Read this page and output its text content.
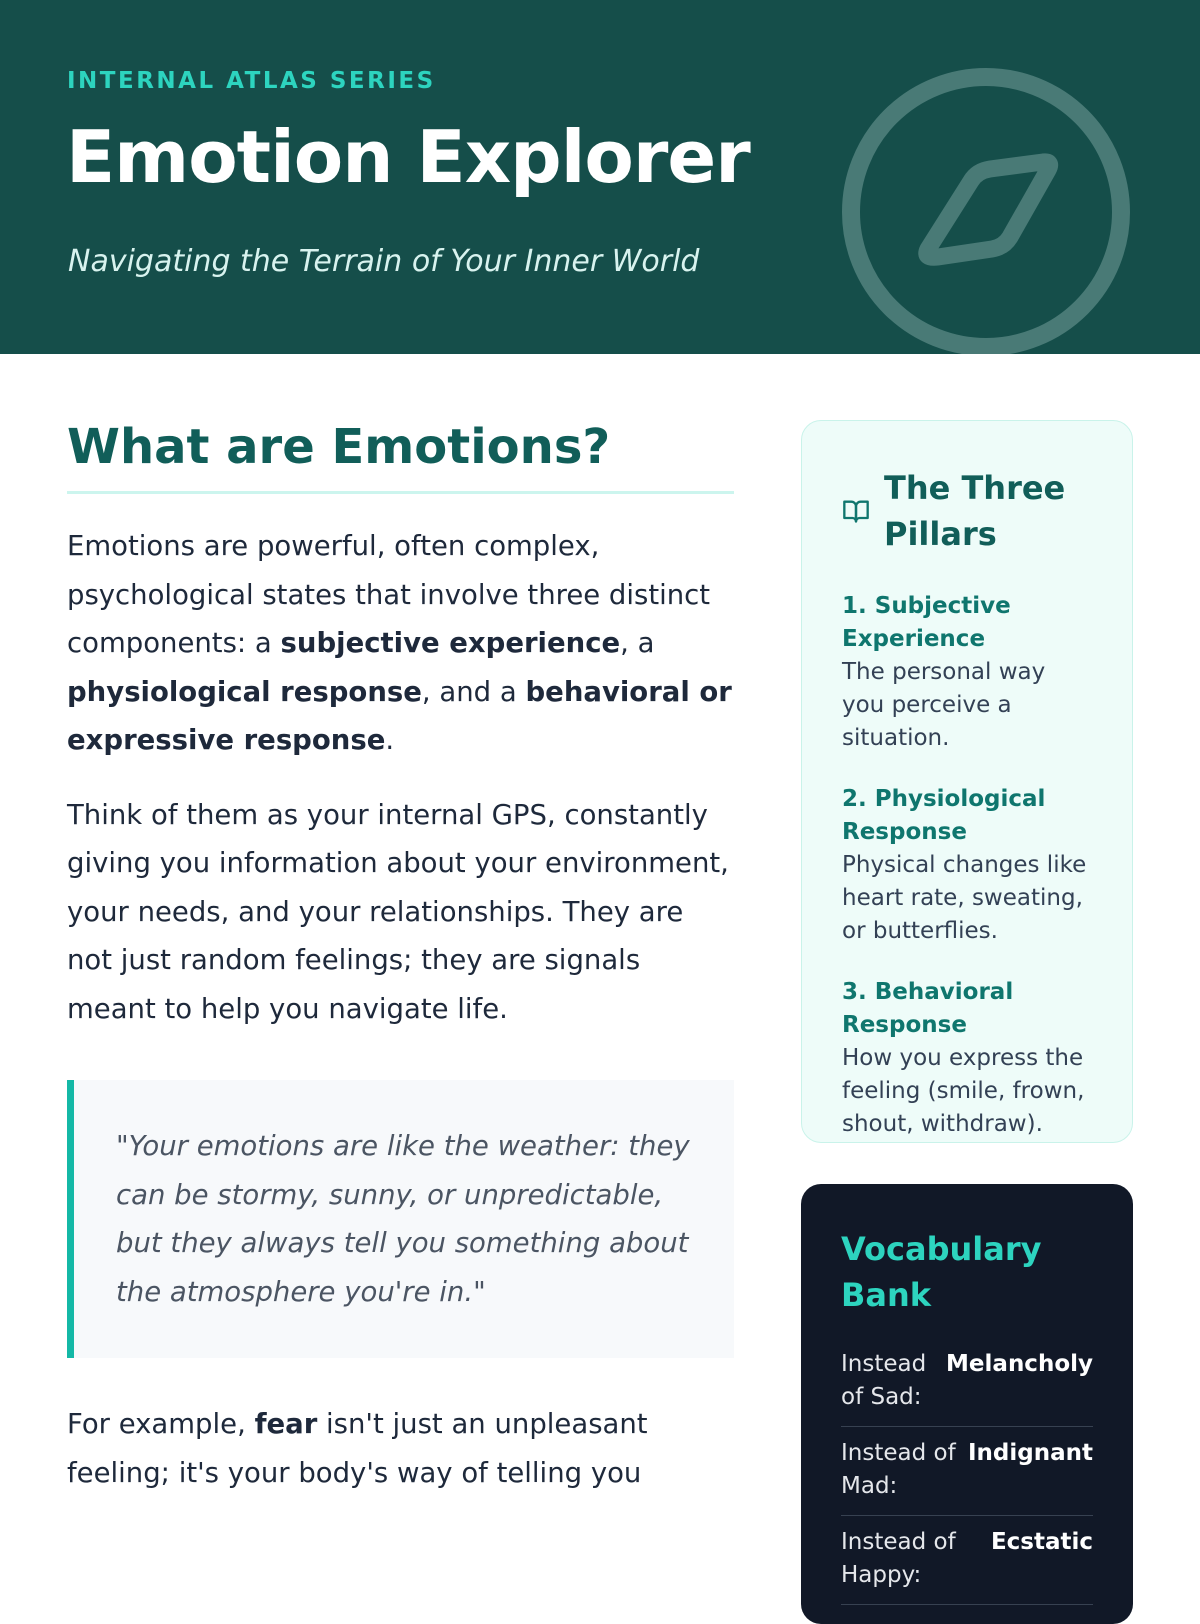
INTERNAL ATLAS SERIES
Emotion Explorer
Navigating the Terrain of Your Inner World
What are Emotions?

Emotions are powerful, often complex, psychological states that involve three distinct components: a subjective experience, a physiological response, and a behavioral or expressive response.

Think of them as your internal GPS, constantly giving you information about your environment, your needs, and your relationships. They are not just random feelings; they are signals meant to help you navigate life.

"Your emotions are like the weather: they can be stormy, sunny, or unpredictable, but they always tell you something about the atmosphere you're in."

For example, fear isn't just an unpleasant feeling; it's your body's way of telling you

The Three Pillars
1. Subjective Experience
The personal way you perceive a situation.
2. Physiological Response
Physical changes like heart rate, sweating, or butterflies.
3. Behavioral Response
How you express the feeling (smile, frown, shout, withdraw).
Vocabulary Bank
Instead of Sad:
Melancholy
Instead of Mad:
Indignant
Instead of Happy:
Ecstatic
